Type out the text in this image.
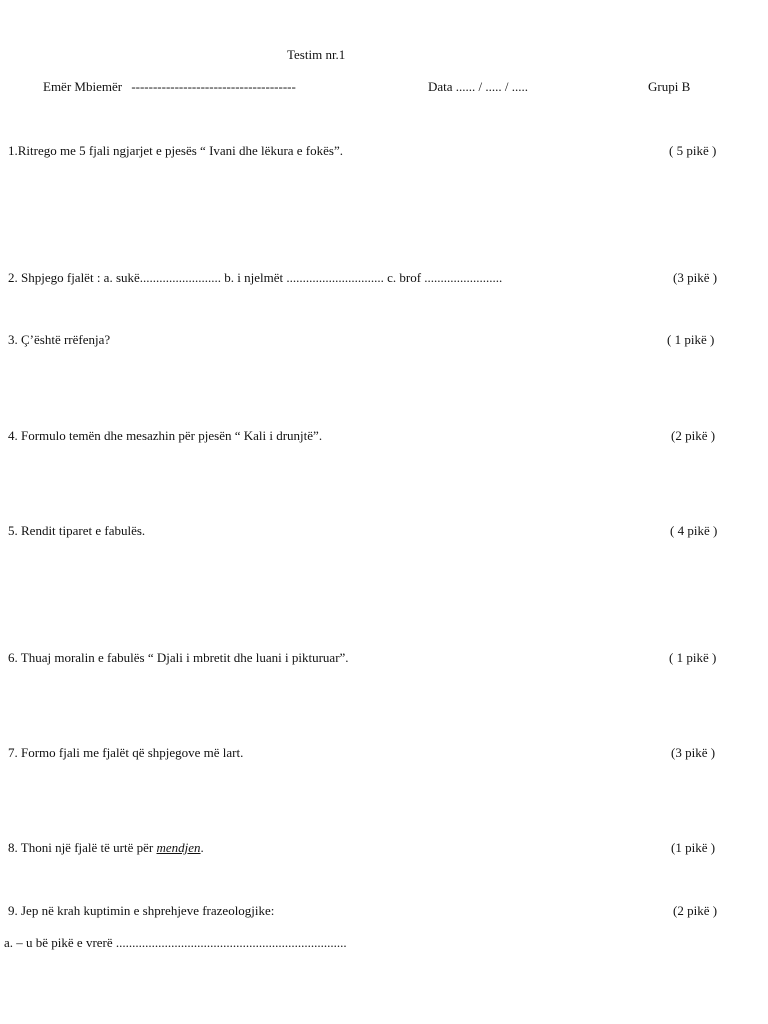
Testim nr.1
Emër Mbiemër --------------------------------------	Data ...... / ..... / .....	Grupi B
1.Ritrego me 5 fjali ngjarjet e pjesës “ Ivani dhe lëkura e fokës”.	( 5 pikë )
2. Shpjego fjalët : a. sukë......................... b. i njelmët .............................. c. brof ........................	(3 pikë )
3. Ç’është rrëfenja?	( 1 pikë )
4. Formulo temën dhe mesazhin për pjesën “ Kali i drunjtë”.	(2 pikë )
5. Rendit tiparet e fabulës.	( 4 pikë )
6. Thuaj moralin e fabulës “ Djali i mbretit dhe luani i pikturuar”.	( 1 pikë )
7. Formo fjali me fjalët që shpjegove më lart.	(3 pikë )
8. Thoni një fjalë të urtë për mendjen.	(1 pikë )
9. Jep në krah kuptimin e shprehjeve frazeologjike:	(2 pikë )
a. – u bë pikë e vrerë .......................................................................
